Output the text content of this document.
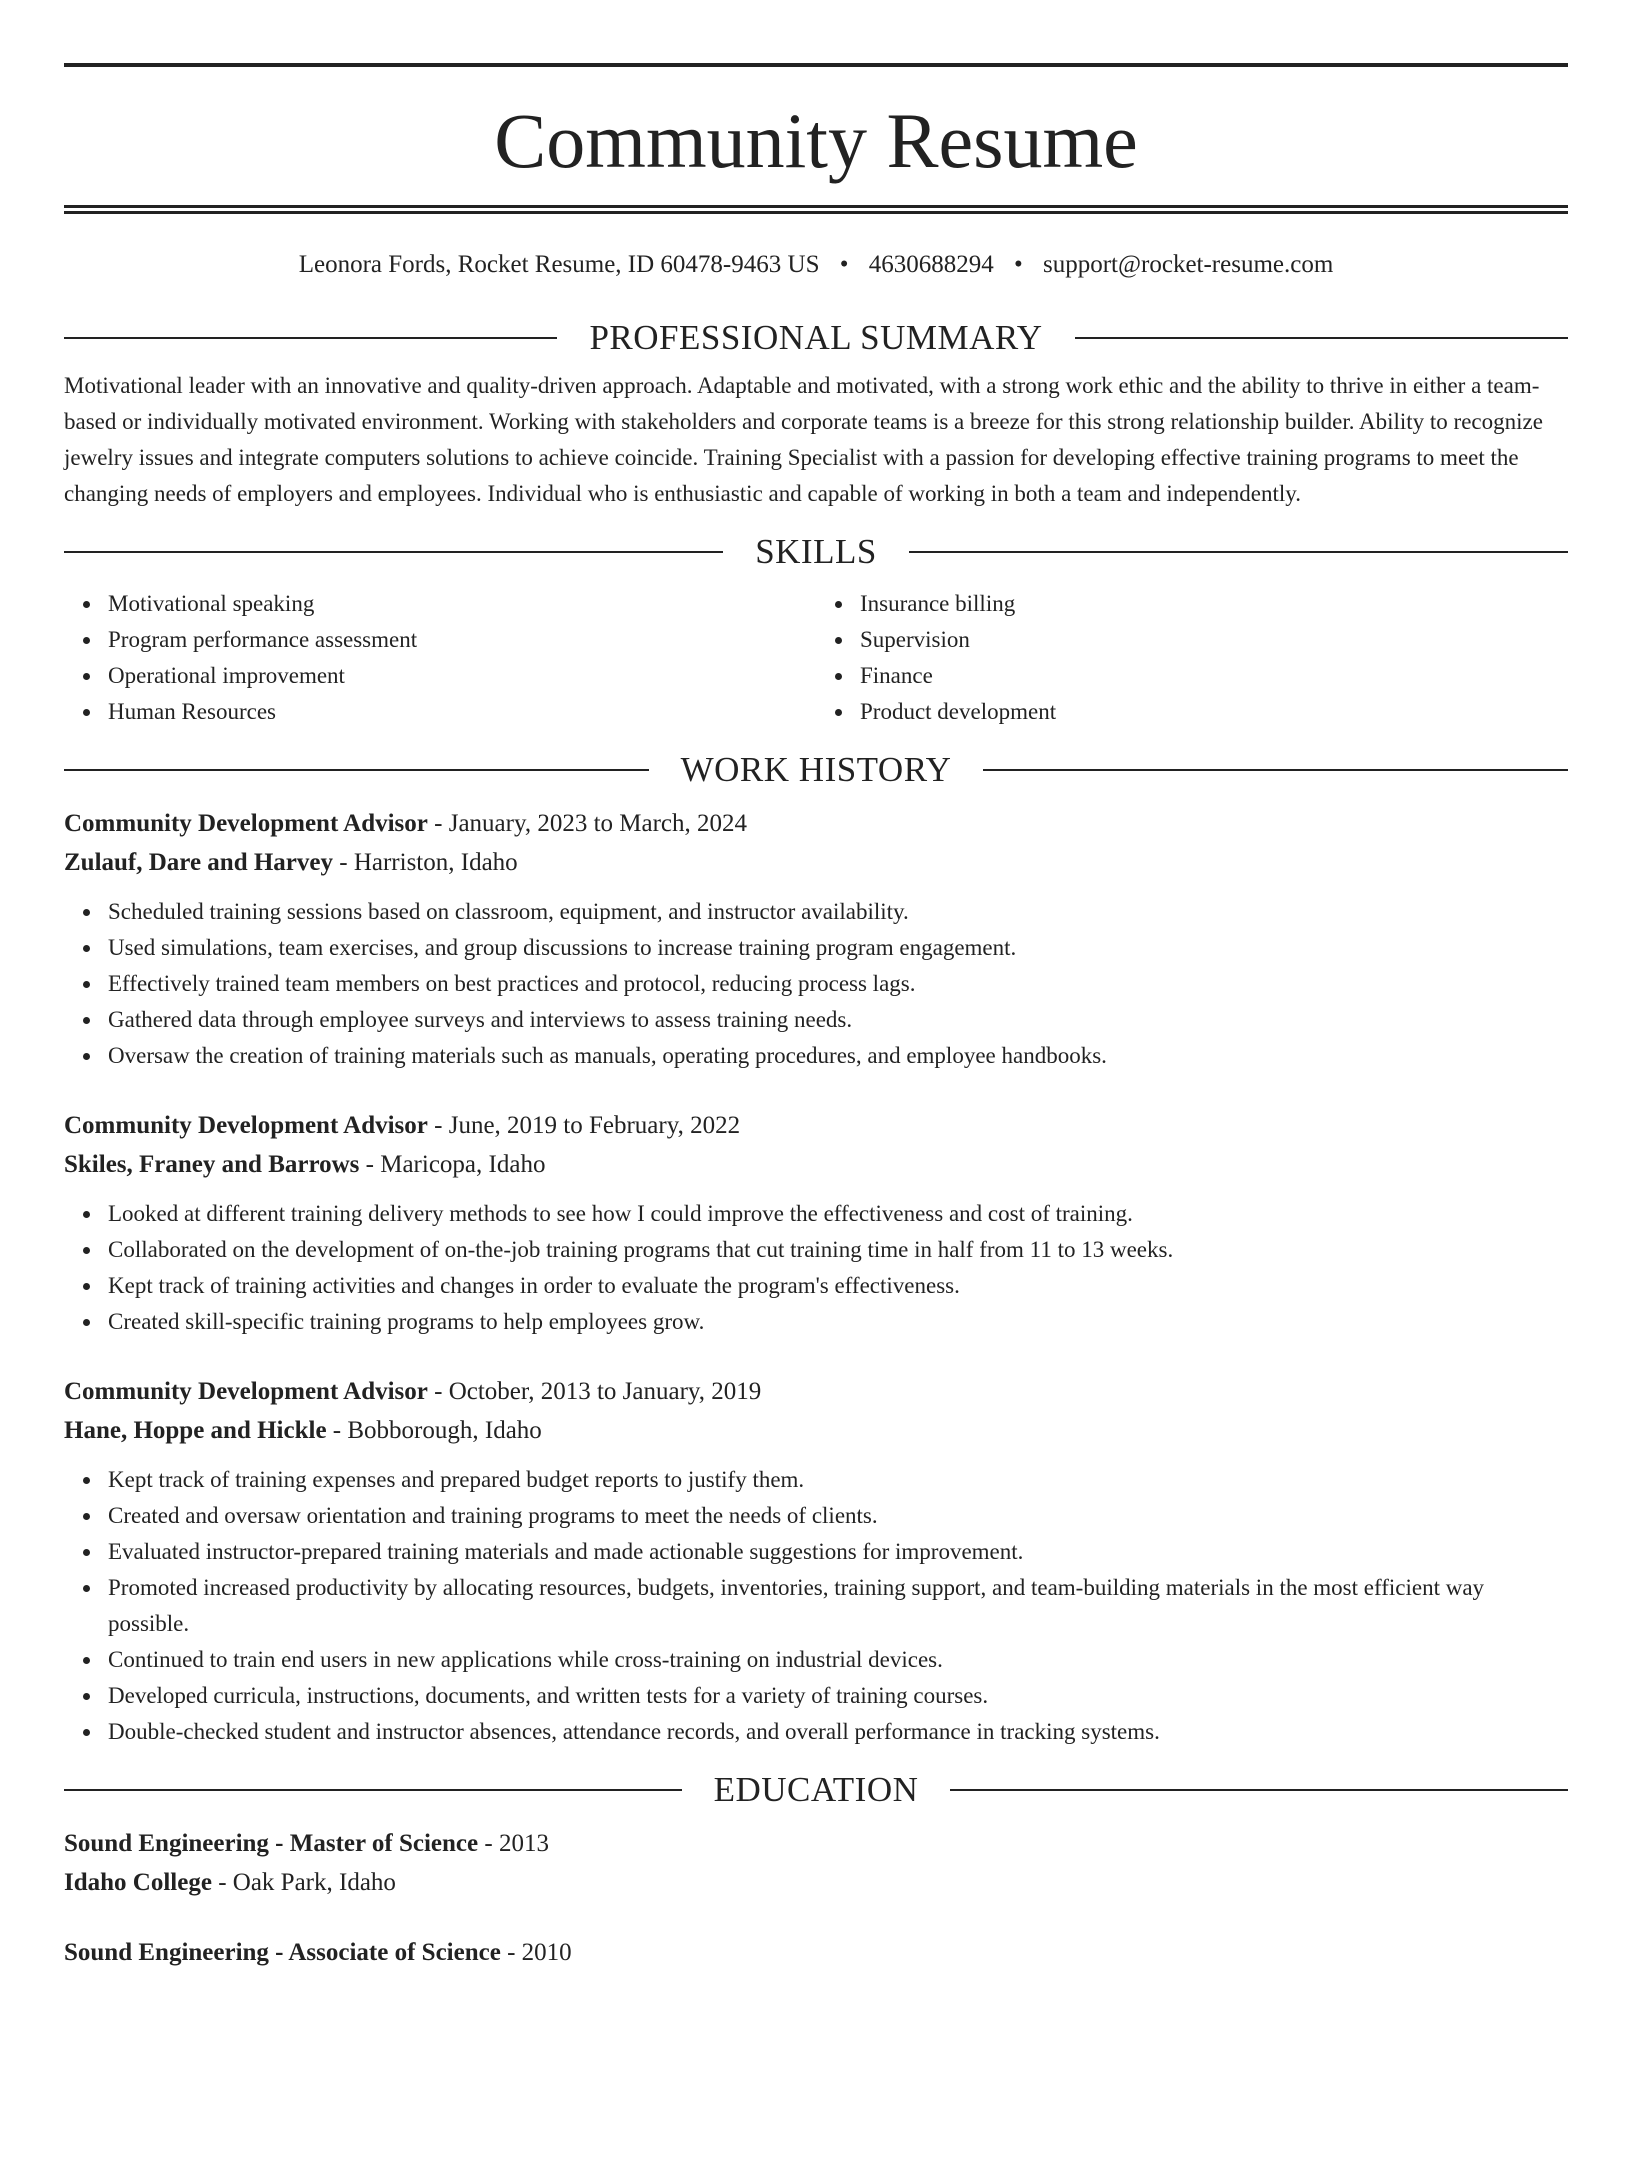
Community Resume
Leonora Fords, Rocket Resume, ID 60478-9463 US • 4630688294 • support@rocket-resume.com
PROFESSIONAL SUMMARY
Motivational leader with an innovative and quality-driven approach. Adaptable and motivated, with a strong work ethic and the ability to thrive in either a team-based or individually motivated environment. Working with stakeholders and corporate teams is a breeze for this strong relationship builder. Ability to recognize jewelry issues and integrate computers solutions to achieve coincide. Training Specialist with a passion for developing effective training programs to meet the changing needs of employers and employees. Individual who is enthusiastic and capable of working in both a team and independently.
SKILLS
Motivational speaking
Program performance assessment
Operational improvement
Human Resources
Insurance billing
Supervision
Finance
Product development
WORK HISTORY
Community Development Advisor - January, 2023 to March, 2024
Zulauf, Dare and Harvey - Harriston, Idaho
Scheduled training sessions based on classroom, equipment, and instructor availability.
Used simulations, team exercises, and group discussions to increase training program engagement.
Effectively trained team members on best practices and protocol, reducing process lags.
Gathered data through employee surveys and interviews to assess training needs.
Oversaw the creation of training materials such as manuals, operating procedures, and employee handbooks.
Community Development Advisor - June, 2019 to February, 2022
Skiles, Franey and Barrows - Maricopa, Idaho
Looked at different training delivery methods to see how I could improve the effectiveness and cost of training.
Collaborated on the development of on-the-job training programs that cut training time in half from 11 to 13 weeks.
Kept track of training activities and changes in order to evaluate the program's effectiveness.
Created skill-specific training programs to help employees grow.
Community Development Advisor - October, 2013 to January, 2019
Hane, Hoppe and Hickle - Bobborough, Idaho
Kept track of training expenses and prepared budget reports to justify them.
Created and oversaw orientation and training programs to meet the needs of clients.
Evaluated instructor-prepared training materials and made actionable suggestions for improvement.
Promoted increased productivity by allocating resources, budgets, inventories, training support, and team-building materials in the most efficient way possible.
Continued to train end users in new applications while cross-training on industrial devices.
Developed curricula, instructions, documents, and written tests for a variety of training courses.
Double-checked student and instructor absences, attendance records, and overall performance in tracking systems.
EDUCATION
Sound Engineering - Master of Science - 2013
Idaho College - Oak Park, Idaho
Sound Engineering - Associate of Science - 2010
